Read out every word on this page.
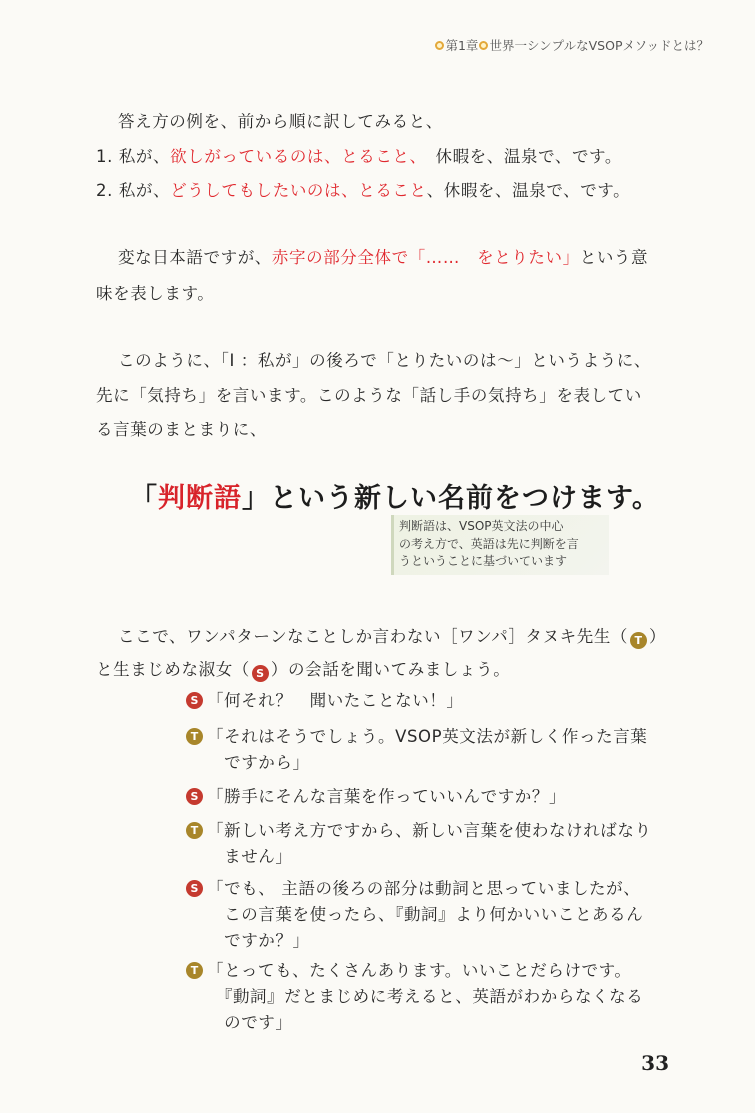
第1章 世界一シンプルなVSOPメソッドとは？
答え方の例を、前から順に訳してみると、
1. 私が、欲しがっているのは、とること、　休暇を、温泉で、です。
2. 私が、どうしてもしたいのは、とること、休暇を、温泉で、です。
変な日本語ですが、赤字の部分全体で「……　をとりたい」という意
味を表します。
このように、「I ：私が」の後ろで「とりたいのは～」というように、
先に「気持ち」を言います。このような「話し手の気持ち」を表してい
る言葉のまとまりに、
「判断語」という新しい名前をつけます。
判断語は、VSOP英文法の中心
の考え方で、英語は先に判断を言
うということに基づいています
ここで、ワンパターンなことしか言わない［ワンパ］タヌキ先生（ T ）
と生まじめな淑女（ S ）の会話を聞いてみましょう。
S 「何それ？　聞いたことない！」
T 「それはそうでしょう。VSOP英文法が新しく作った言葉
　ですから」
S 「勝手にそんな言葉を作っていいんですか？」
T 「新しい考え方ですから、新しい言葉を使わなければなり
　ません」
S 「でも、 主語の後ろの部分は動詞と思っていましたが、
　この言葉を使ったら、『動詞』より何かいいことあるん
　ですか？」
T 「とっても、たくさんあります。いいことだらけです。
　『動詞』だとまじめに考えると、英語がわからなくなる
　のです」
33
